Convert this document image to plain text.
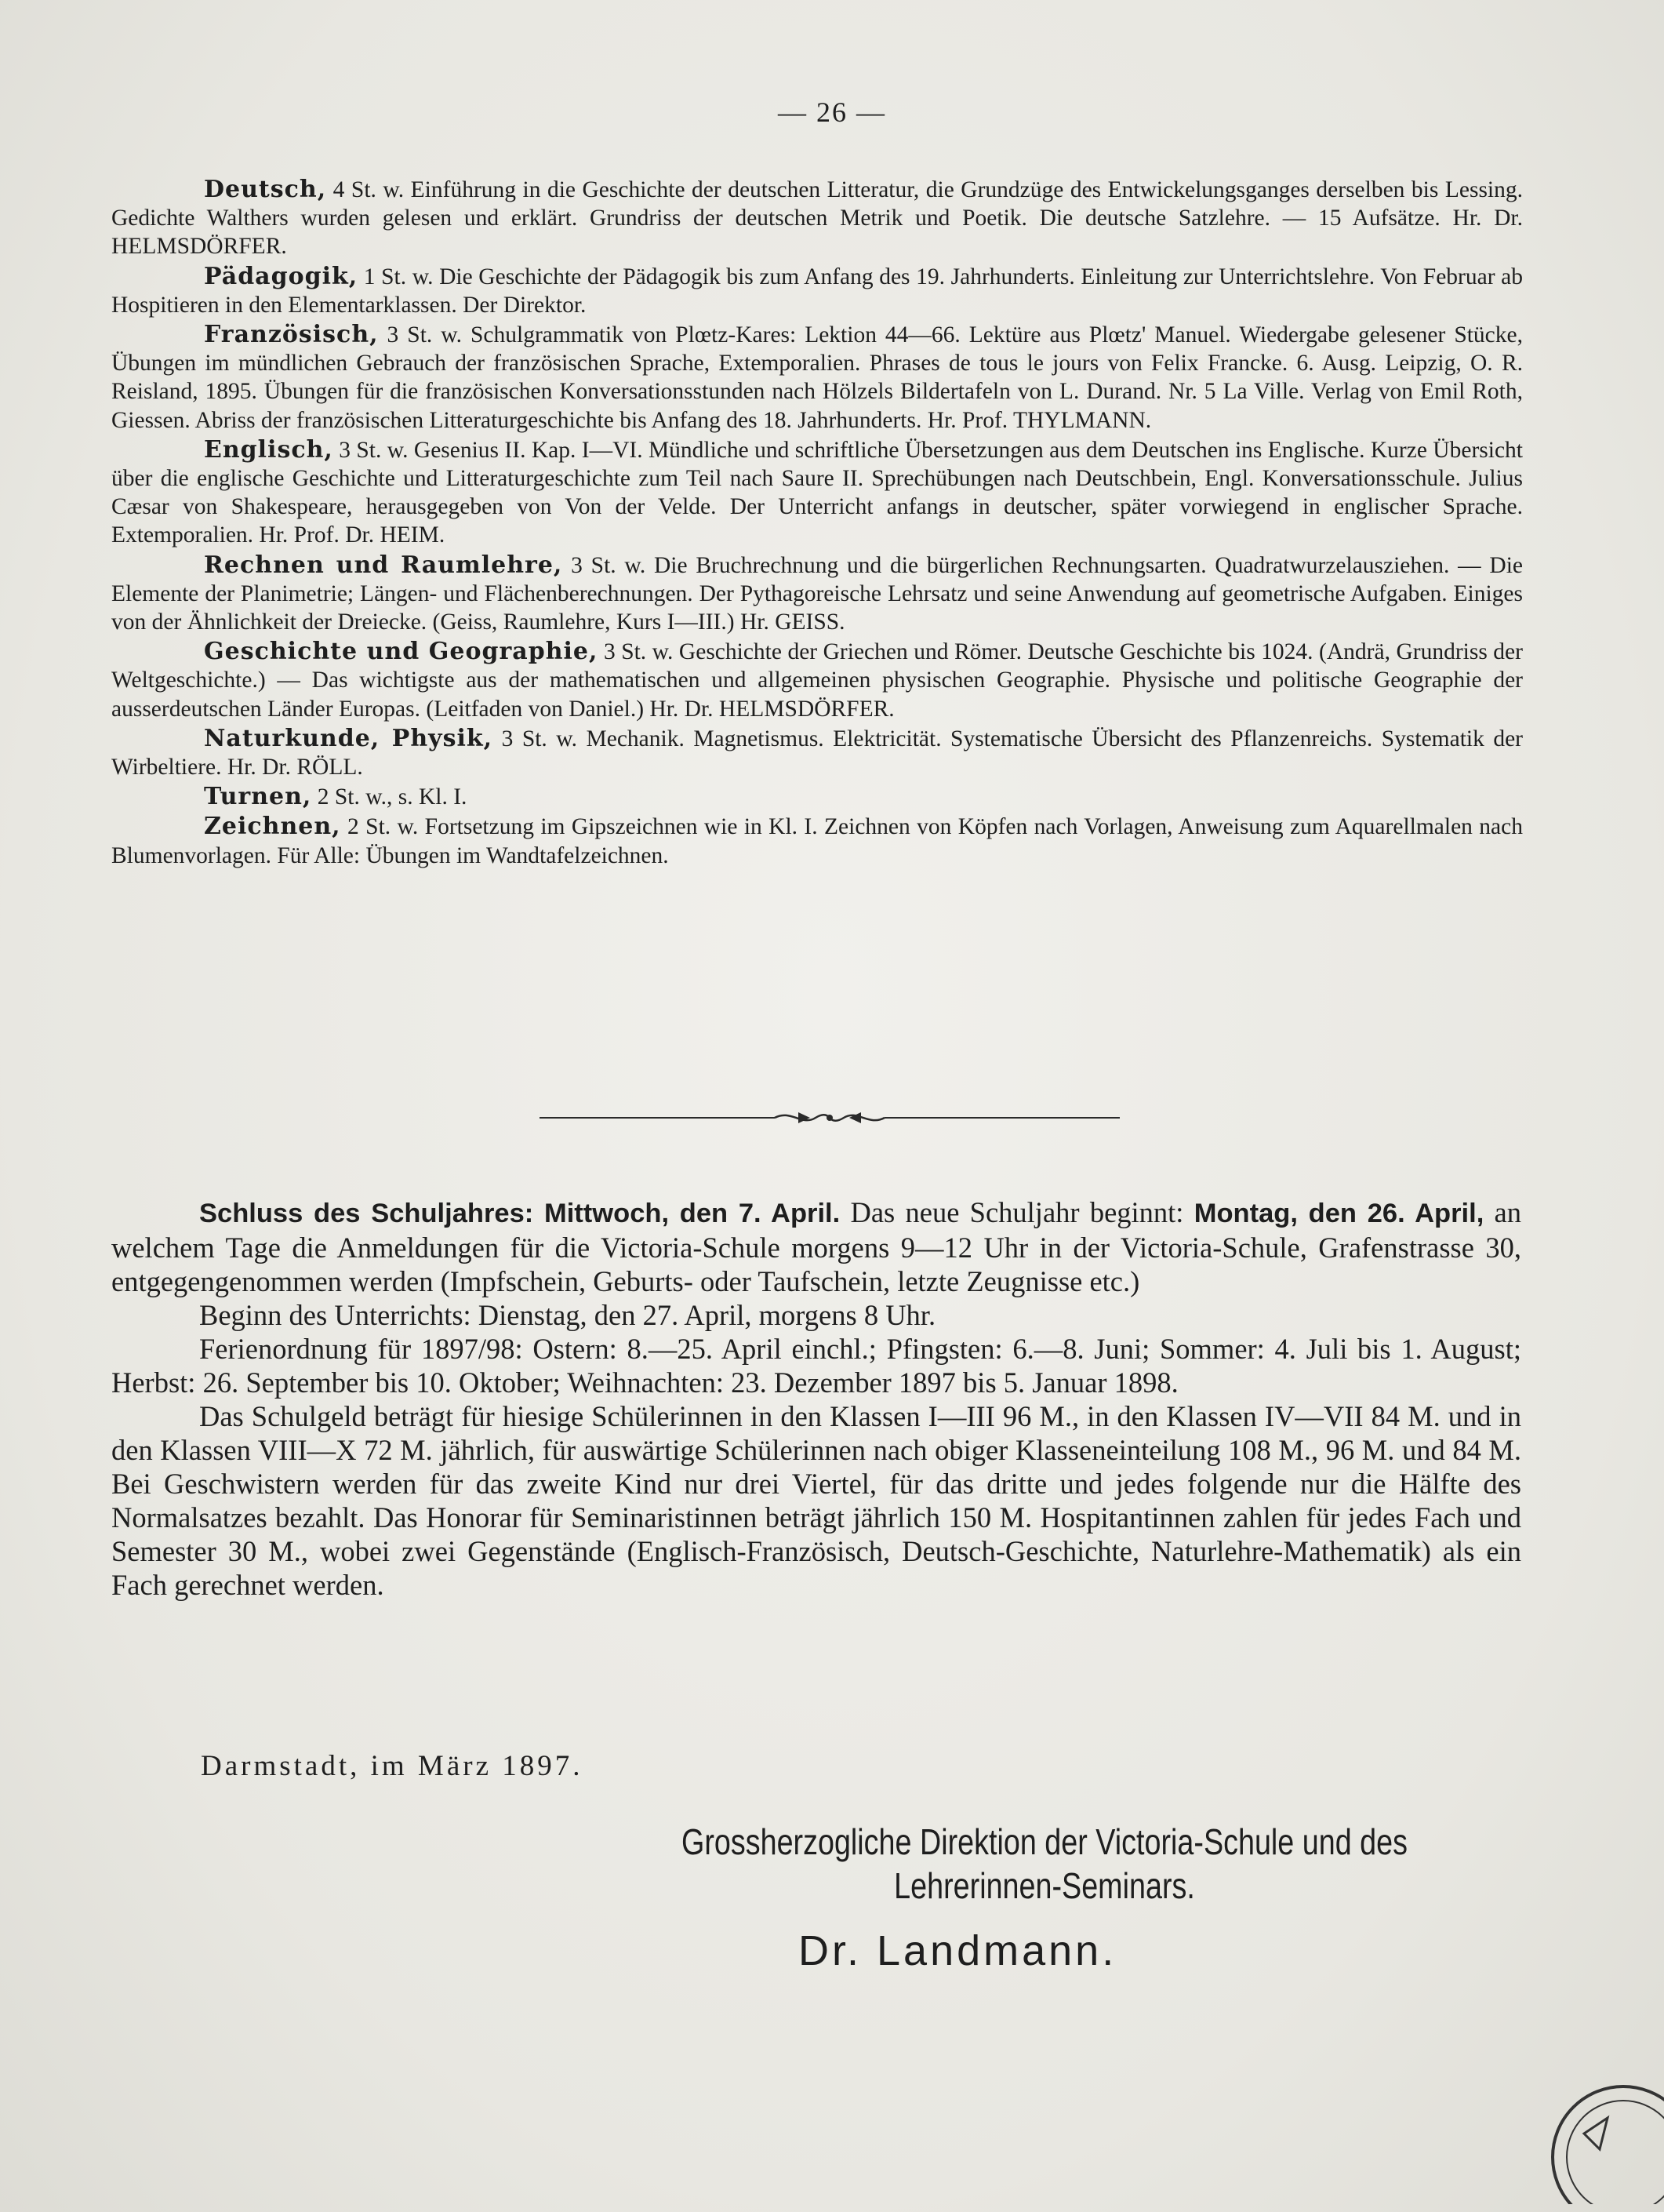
— 26 —

Deutsch, 4 St. w. Einführung in die Geschichte der deutschen Litteratur, die Grundzüge des Entwickelungsganges derselben bis Lessing. Gedichte Walthers wurden gelesen und erklärt. Grundriss der deutschen Metrik und Poetik. Die deutsche Satzlehre. — 15 Aufsätze. Hr. Dr. HELMSDÖRFER.

Pädagogik, 1 St. w. Die Geschichte der Pädagogik bis zum Anfang des 19. Jahrhunderts. Einleitung zur Unterrichtslehre. Von Februar ab Hospitieren in den Elementarklassen. Der Direktor.

Französisch, 3 St. w. Schulgrammatik von Plœtz-Kares: Lektion 44—66. Lektüre aus Plœtz' Manuel. Wiedergabe gelesener Stücke, Übungen im mündlichen Gebrauch der französischen Sprache, Extemporalien. Phrases de tous le jours von Felix Francke. 6. Ausg. Leipzig, O. R. Reisland, 1895. Übungen für die französischen Konversationsstunden nach Hölzels Bildertafeln von L. Durand. Nr. 5 La Ville. Verlag von Emil Roth, Giessen. Abriss der französischen Litteraturgeschichte bis Anfang des 18. Jahrhunderts. Hr. Prof. THYLMANN.

Englisch, 3 St. w. Gesenius II. Kap. I—VI. Mündliche und schriftliche Übersetzungen aus dem Deutschen ins Englische. Kurze Übersicht über die englische Geschichte und Litteraturgeschichte zum Teil nach Saure II. Sprechübungen nach Deutschbein, Engl. Konversationsschule. Julius Cæsar von Shakespeare, herausgegeben von Von der Velde. Der Unterricht anfangs in deutscher, später vorwiegend in englischer Sprache. Extemporalien. Hr. Prof. Dr. HEIM.

Rechnen und Raumlehre, 3 St. w. Die Bruchrechnung und die bürgerlichen Rechnungsarten. Quadratwurzelausziehen. — Die Elemente der Planimetrie; Längen- und Flächenberechnungen. Der Pythagoreische Lehrsatz und seine Anwendung auf geometrische Aufgaben. Einiges von der Ähnlichkeit der Dreiecke. (Geiss, Raumlehre, Kurs I—III.) Hr. GEISS.

Geschichte und Geographie, 3 St. w. Geschichte der Griechen und Römer. Deutsche Geschichte bis 1024. (Andrä, Grundriss der Weltgeschichte.) — Das wichtigste aus der mathematischen und allgemeinen physischen Geographie. Physische und politische Geographie der ausserdeutschen Länder Europas. (Leitfaden von Daniel.) Hr. Dr. HELMSDÖRFER.

Naturkunde, Physik, 3 St. w. Mechanik. Magnetismus. Elektricität. Systematische Übersicht des Pflanzenreichs. Systematik der Wirbeltiere. Hr. Dr. RÖLL.

Turnen, 2 St. w., s. Kl. I.

Zeichnen, 2 St. w. Fortsetzung im Gipszeichnen wie in Kl. I. Zeichnen von Köpfen nach Vorlagen, Anweisung zum Aquarellmalen nach Blumenvorlagen. Für Alle: Übungen im Wandtafelzeichnen.

Schluss des Schuljahres: Mittwoch, den 7. April. Das neue Schuljahr beginnt: Montag, den 26. April, an welchem Tage die Anmeldungen für die Victoria-Schule morgens 9—12 Uhr in der Victoria-Schule, Grafenstrasse 30, entgegengenommen werden (Impfschein, Geburts- oder Taufschein, letzte Zeugnisse etc.)

Beginn des Unterrichts: Dienstag, den 27. April, morgens 8 Uhr.

Ferienordnung für 1897/98: Ostern: 8.—25. April einchl.; Pfingsten: 6.—8. Juni; Sommer: 4. Juli bis 1. August; Herbst: 26. September bis 10. Oktober; Weihnachten: 23. Dezember 1897 bis 5. Januar 1898.

Das Schulgeld beträgt für hiesige Schülerinnen in den Klassen I—III 96 M., in den Klassen IV—VII 84 M. und in den Klassen VIII—X 72 M. jährlich, für auswärtige Schülerinnen nach obiger Klasseneinteilung 108 M., 96 M. und 84 M. Bei Geschwistern werden für das zweite Kind nur drei Viertel, für das dritte und jedes folgende nur die Hälfte des Normalsatzes bezahlt. Das Honorar für Seminaristinnen beträgt jährlich 150 M. Hospitantinnen zahlen für jedes Fach und Semester 30 M., wobei zwei Gegenstände (Englisch-Französisch, Deutsch-Geschichte, Naturlehre-Mathematik) als ein Fach gerechnet werden.

Darmstadt, im März 1897.
Grossherzogliche Direktion der Victoria-Schule und des
Lehrerinnen-Seminars.
Dr. Landmann.
